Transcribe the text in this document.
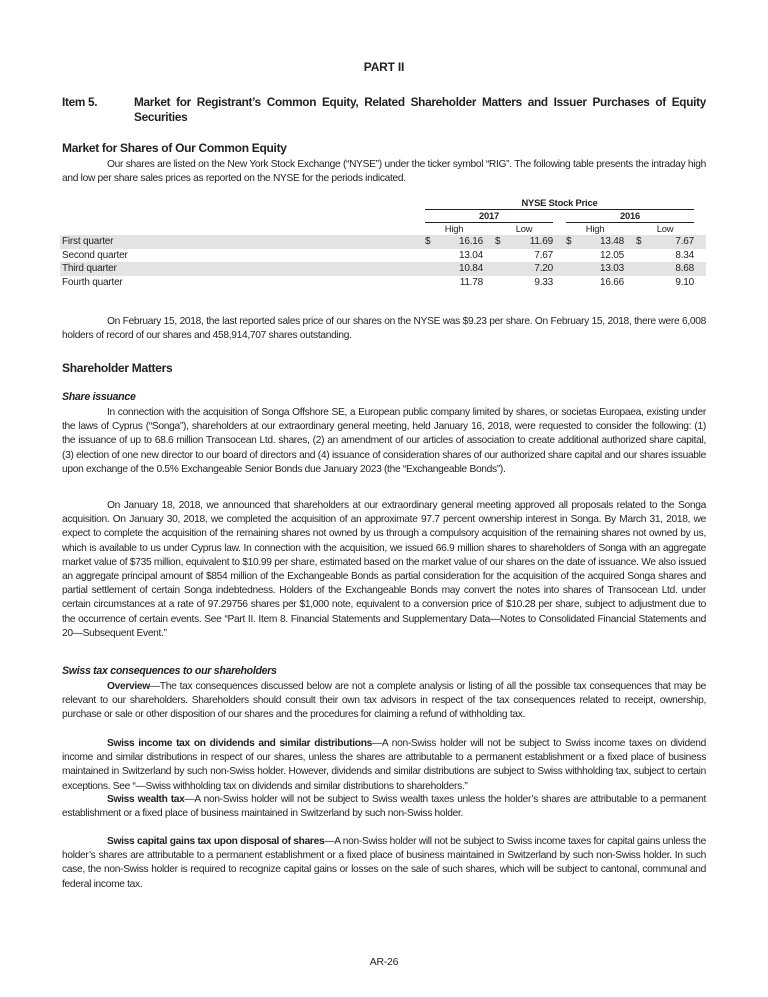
PART II
Item 5.	Market for Registrant’s Common Equity, Related Shareholder Matters and Issuer Purchases of Equity Securities
Market for Shares of Our Common Equity
Our shares are listed on the New York Stock Exchange (“NYSE”) under the ticker symbol “RIG”. The following table presents the intraday high and low per share sales prices as reported on the NYSE for the periods indicated.
NYSE Stock Price
2017	2016
High	Low	High	Low
First quarter	$	16.16 $	11.69 $	13.48 $	7.67
Second quarter	13.04	7.67	12.05	8.34
Third quarter	10.84	7.20	13.03	8.68
Fourth quarter	11.78	9.33	16.66	9.10
On February 15, 2018, the last reported sales price of our shares on the NYSE was $9.23 per share. On February 15, 2018, there were 6,008 holders of record of our shares and 458,914,707 shares outstanding.
Shareholder Matters
Share issuance
In connection with the acquisition of Songa Offshore SE, a European public company limited by shares, or societas Europaea, existing under the laws of Cyprus (“Songa”), shareholders at our extraordinary general meeting, held January 16, 2018, were requested to consider the following: (1) the issuance of up to 68.6 million Transocean Ltd. shares, (2) an amendment of our articles of association to create additional authorized share capital, (3) election of one new director to our board of directors and (4) issuance of consideration shares of our authorized share capital and our shares issuable upon exchange of the 0.5% Exchangeable Senior Bonds due January 2023 (the “Exchangeable Bonds”).
On January 18, 2018, we announced that shareholders at our extraordinary general meeting approved all proposals related to the Songa acquisition. On January 30, 2018, we completed the acquisition of an approximate 97.7 percent ownership interest in Songa. By March 31, 2018, we expect to complete the acquisition of the remaining shares not owned by us through a compulsory acquisition of the remaining shares not owned by us, which is available to us under Cyprus law. In connection with the acquisition, we issued 66.9 million shares to shareholders of Songa with an aggregate market value of $735 million, equivalent to $10.99 per share, estimated based on the market value of our shares on the date of issuance. We also issued an aggregate principal amount of $854 million of the Exchangeable Bonds as partial consideration for the acquisition of the acquired Songa shares and partial settlement of certain Songa indebtedness. Holders of the Exchangeable Bonds may convert the notes into shares of Transocean Ltd. under certain circumstances at a rate of 97.29756 shares per $1,000 note, equivalent to a conversion price of $10.28 per share, subject to adjustment due to the occurrence of certain events. See “Part II. Item 8. Financial Statements and Supplementary Data—Notes to Consolidated Financial Statements and 20—Subsequent Event.”
Swiss tax consequences to our shareholders
Overview—The tax consequences discussed below are not a complete analysis or listing of all the possible tax consequences that may be relevant to our shareholders. Shareholders should consult their own tax advisors in respect of the tax consequences related to receipt, ownership, purchase or sale or other disposition of our shares and the procedures for claiming a refund of withholding tax.
Swiss income tax on dividends and similar distributions—A non-Swiss holder will not be subject to Swiss income taxes on dividend income and similar distributions in respect of our shares, unless the shares are attributable to a permanent establishment or a fixed place of business maintained in Switzerland by such non-Swiss holder. However, dividends and similar distributions are subject to Swiss withholding tax, subject to certain exceptions. See “—Swiss withholding tax on dividends and similar distributions to shareholders.”
Swiss wealth tax—A non-Swiss holder will not be subject to Swiss wealth taxes unless the holder’s shares are attributable to a permanent establishment or a fixed place of business maintained in Switzerland by such non-Swiss holder.
Swiss capital gains tax upon disposal of shares—A non-Swiss holder will not be subject to Swiss income taxes for capital gains unless the holder’s shares are attributable to a permanent establishment or a fixed place of business maintained in Switzerland by such non-Swiss holder. In such case, the non-Swiss holder is required to recognize capital gains or losses on the sale of such shares, which will be subject to cantonal, communal and federal income tax.
AR-26
